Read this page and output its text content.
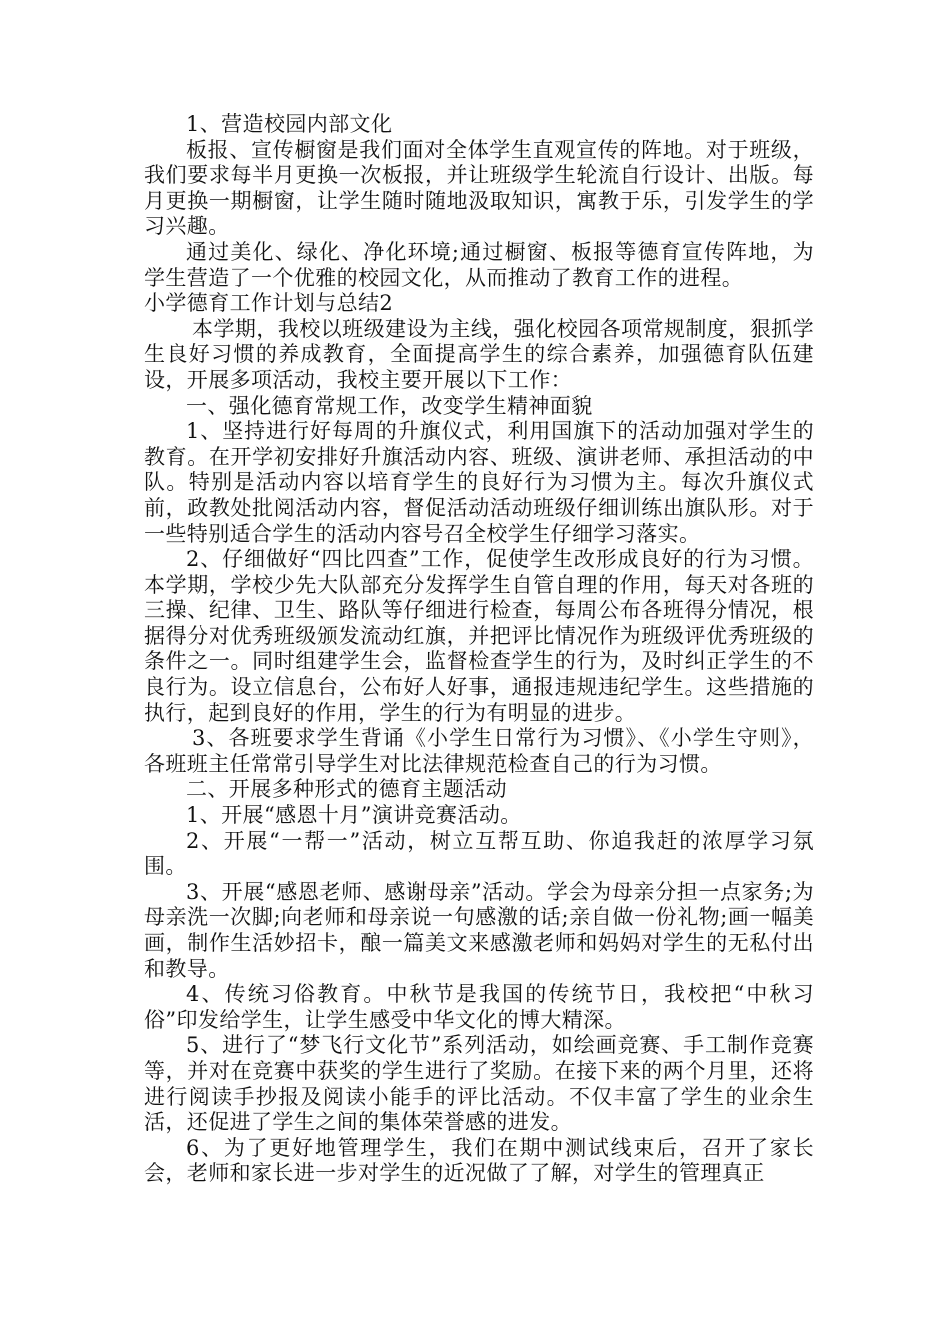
1、营造校园内部文化

板报、宣传橱窗是我们面对全体学生直观宣传的阵地。对于班级，我们要求每半月更换一次板报，并让班级学生轮流自行设计、出版。每月更换一期橱窗，让学生随时随地汲取知识，寓教于乐，引发学生的学习兴趣。

通过美化、绿化、净化环境;通过橱窗、板报等德育宣传阵地，为学生营造了一个优雅的校园文化，从而推动了教育工作的进程。

小学德育工作计划与总结2

本学期，我校以班级建设为主线，强化校园各项常规制度，狠抓学生良好习惯的养成教育，全面提高学生的综合素养，加强德育队伍建设，开展多项活动，我校主要开展以下工作：

一、强化德育常规工作，改变学生精神面貌

1、坚持进行好每周的升旗仪式，利用国旗下的活动加强对学生的教育。在开学初安排好升旗活动内容、班级、演讲老师、承担活动的中队。特别是活动内容以培育学生的良好行为习惯为主。每次升旗仪式前，政教处批阅活动内容，督促活动活动班级仔细训练出旗队形。对于一些特别适合学生的活动内容号召全校学生仔细学习落实。

2、仔细做好“四比四查”工作，促使学生改形成良好的行为习惯。本学期，学校少先大队部充分发挥学生自管自理的作用，每天对各班的三操、纪律、卫生、路队等仔细进行检查，每周公布各班得分情况，根据得分对优秀班级颁发流动红旗，并把评比情况作为班级评优秀班级的条件之一。同时组建学生会，监督检查学生的行为，及时纠正学生的不良行为。设立信息台，公布好人好事，通报违规违纪学生。这些措施的执行，起到良好的作用，学生的行为有明显的进步。

3、各班要求学生背诵《小学生日常行为习惯》、《小学生守则》，各班班主任常常引导学生对比法律规范检查自己的行为习惯。

二、开展多种形式的德育主题活动

1、开展“感恩十月”演讲竞赛活动。

2、开展“一帮一”活动，树立互帮互助、你追我赶的浓厚学习氛围。

3、开展“感恩老师、感谢母亲”活动。学会为母亲分担一点家务;为母亲洗一次脚;向老师和母亲说一句感激的话;亲自做一份礼物;画一幅美画，制作生活妙招卡，酿一篇美文来感激老师和妈妈对学生的无私付出和教导。

4、传统习俗教育。中秋节是我国的传统节日，我校把“中秋习俗”印发给学生，让学生感受中华文化的博大精深。

5、进行了“梦飞行文化节”系列活动，如绘画竞赛、手工制作竞赛等，并对在竞赛中获奖的学生进行了奖励。在接下来的两个月里，还将进行阅读手抄报及阅读小能手的评比活动。不仅丰富了学生的业余生活，还促进了学生之间的集体荣誉感的进发。

6、为了更好地管理学生，我们在期中测试线束后，召开了家长会，老师和家长进一步对学生的近况做了了解，对学生的管理真正
